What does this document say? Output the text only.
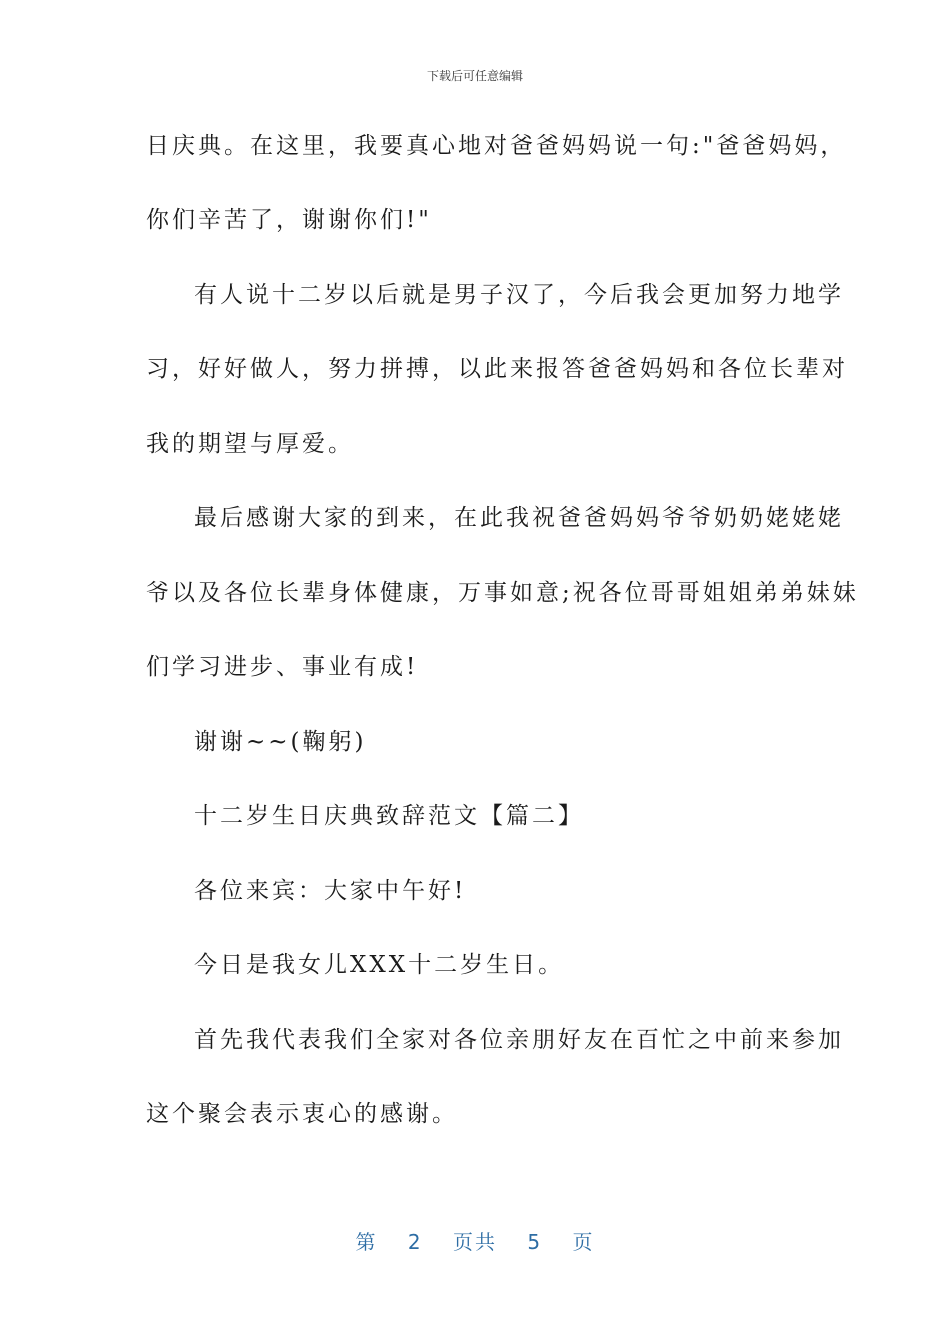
下载后可任意编辑
日庆典。在这里，我要真心地对爸爸妈妈说一句:"爸爸妈妈，
你们辛苦了，谢谢你们!"
有人说十二岁以后就是男子汉了，今后我会更加努力地学
习，好好做人，努力拼搏，以此来报答爸爸妈妈和各位长辈对
我的期望与厚爱。
最后感谢大家的到来，在此我祝爸爸妈妈爷爷奶奶姥姥姥
爷以及各位长辈身体健康，万事如意;祝各位哥哥姐姐弟弟妹妹
们学习进步、事业有成!
谢谢~~(鞠躬)
十二岁生日庆典致辞范文【篇二】
各位来宾：大家中午好!
今日是我女儿XXX十二岁生日。
首先我代表我们全家对各位亲朋好友在百忙之中前来参加
这个聚会表示衷心的感谢。
第 2 页共 5 页
